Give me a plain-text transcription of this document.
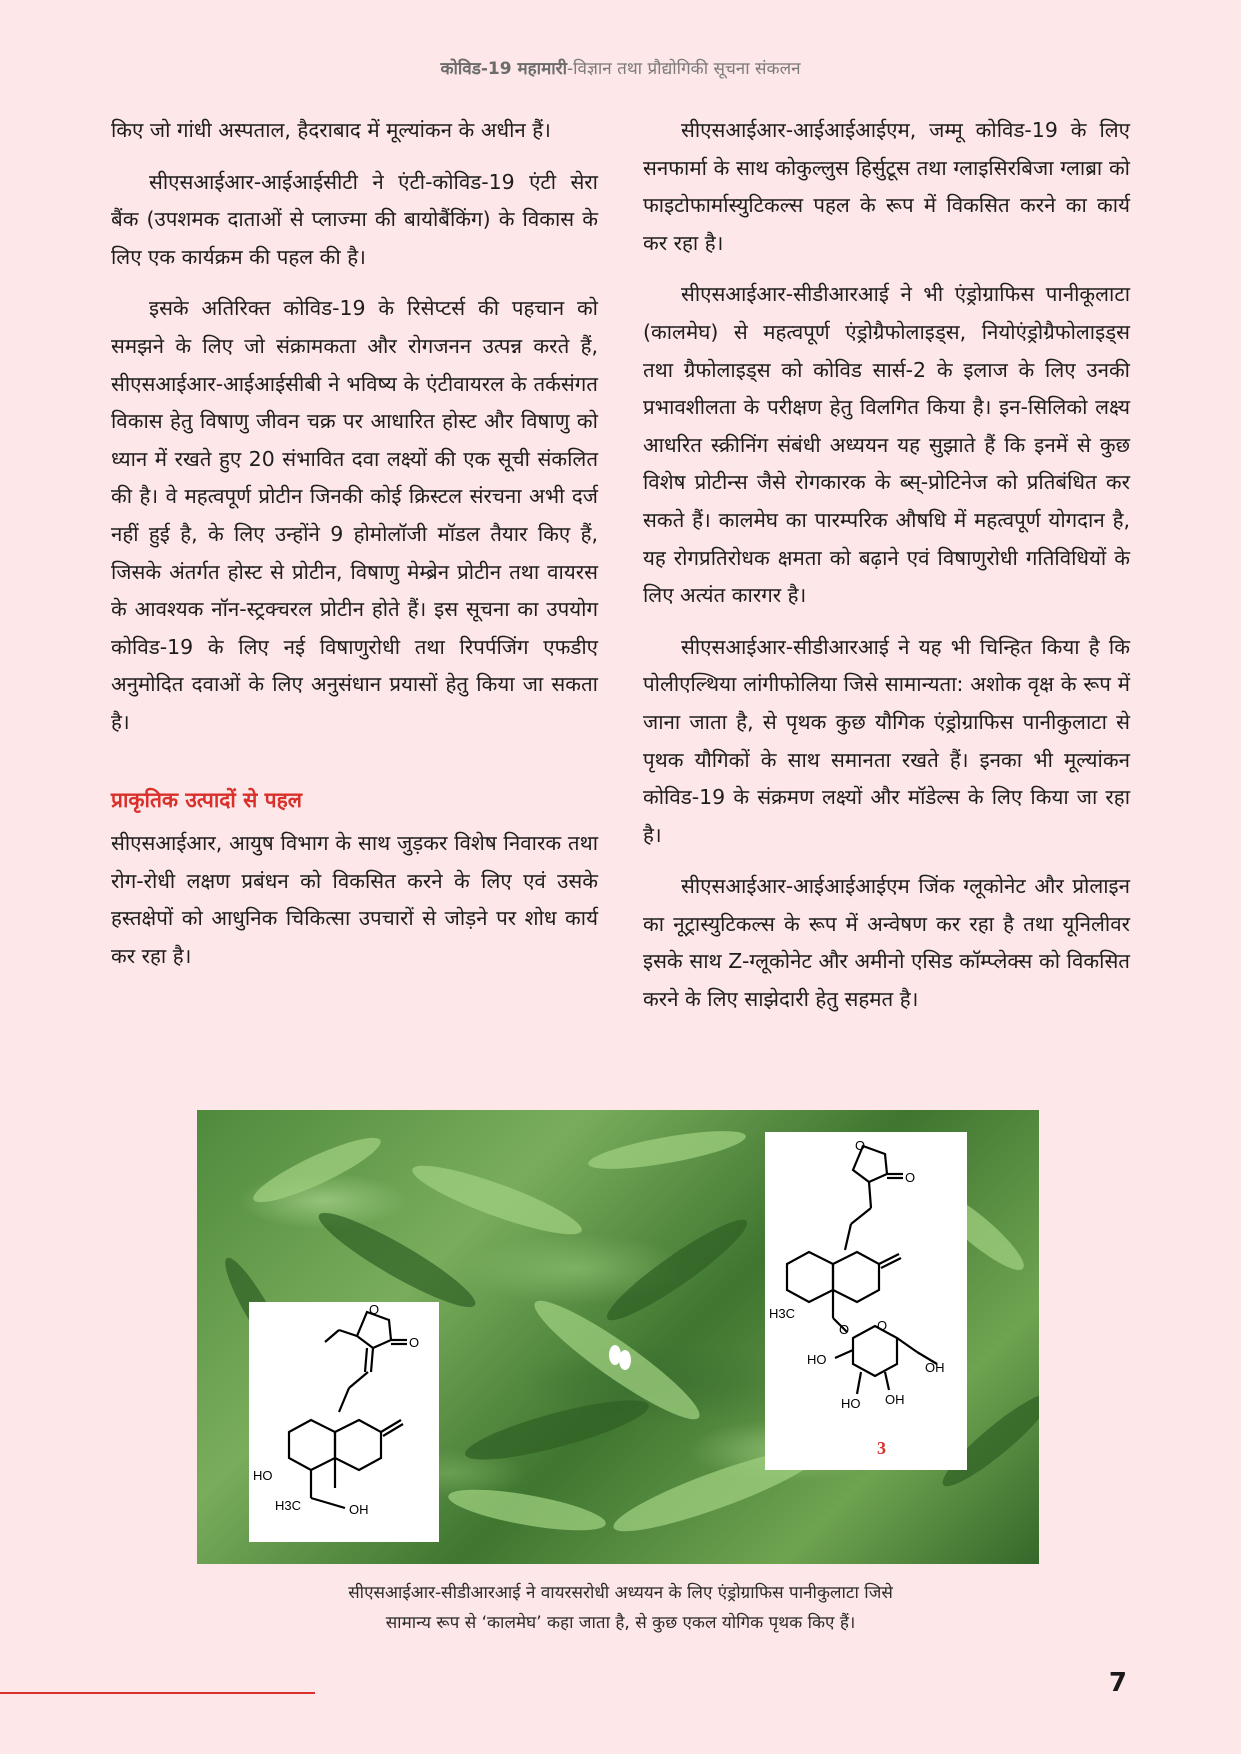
कोविड-19 महामारी-विज्ञान तथा प्रौद्योगिकी सूचना संकलन

किए जो गांधी अस्पताल, हैदराबाद में मूल्यांकन के अधीन हैं।

सीएसआईआर-आईआईसीटी ने एंटी-कोविड-19 एंटी सेरा बैंक (उपशमक दाताओं से प्लाज्मा की बायोबैंकिंग) के विकास के लिए एक कार्यक्रम की पहल की है।

इसके अतिरिक्त कोविड-19 के रिसेप्टर्स की पहचान को समझने के लिए जो संक्रामकता और रोगजनन उत्पन्न करते हैं, सीएसआईआर-आईआईसीबी ने भविष्य के एंटीवायरल के तर्कसंगत विकास हेतु विषाणु जीवन चक्र पर आधारित होस्ट और विषाणु को ध्यान में रखते हुए 20 संभावित दवा लक्ष्यों की एक सूची संकलित की है। वे महत्वपूर्ण प्रोटीन जिनकी कोई क्रिस्टल संरचना अभी दर्ज नहीं हुई है, के लिए उन्होंने 9 होमोलॉजी मॉडल तैयार किए हैं, जिसके अंतर्गत होस्ट से प्रोटीन, विषाणु मेम्ब्रेन प्रोटीन तथा वायरस के आवश्यक नॉन-स्ट्रक्चरल प्रोटीन होते हैं। इस सूचना का उपयोग कोविड-19 के लिए नई विषाणुरोधी तथा रिपर्पजिंग एफडीए अनुमोदित दवाओं के लिए अनुसंधान प्रयासों हेतु किया जा सकता है।

प्राकृतिक उत्पादों से पहल

सीएसआईआर, आयुष विभाग के साथ जुड़कर विशेष निवारक तथा रोग-रोधी लक्षण प्रबंधन को विकसित करने के लिए एवं उसके हस्तक्षेपों को आधुनिक चिकित्सा उपचारों से जोड़ने पर शोध कार्य कर रहा है।

सीएसआईआर-आईआईआईएम, जम्मू कोविड-19 के लिए सनफार्मा के साथ कोकुल्लुस हिर्सुटूस तथा ग्लाइसिरबिजा ग्लाब्रा को फाइटोफार्मास्युटिकल्स पहल के रूप में विकसित करने का कार्य कर रहा है।

सीएसआईआर-सीडीआरआई ने भी एंड्रोग्राफिस पानीकूलाटा (कालमेघ) से महत्वपूर्ण एंड्रोग्रैफोलाइड्स, नियोएंड्रोग्रैफोलाइड्स तथा ग्रैफोलाइड्स को कोविड सार्स-2 के इलाज के लिए उनकी प्रभावशीलता के परीक्षण हेतु विलगित किया है। इन-सिलिको लक्ष्य आधरित स्क्रीनिंग संबंधी अध्ययन यह सुझाते हैं कि इनमें से कुछ विशेष प्रोटीन्स जैसे रोगकारक के ब्स्-प्रोटिनेज को प्रतिबंधित कर सकते हैं। कालमेघ का पारम्परिक औषधि में महत्वपूर्ण योगदान है, यह रोगप्रतिरोधक क्षमता को बढ़ाने एवं विषाणुरोधी गतिविधियों के लिए अत्यंत कारगर है।

सीएसआईआर-सीडीआरआई ने यह भी चिन्हित किया है कि पोलीएल्थिया लांगीफोलिया जिसे सामान्यता: अशोक वृक्ष के रूप में जाना जाता है, से पृथक कुछ यौगिक एंड्रोग्राफिस पानीकुलाटा से पृथक यौगिकों के साथ समानता रखते हैं। इनका भी मूल्यांकन कोविड-19 के संक्रमण लक्ष्यों और मॉडेल्स के लिए किया जा रहा है।

सीएसआईआर-आईआईआईएम जिंक ग्लूकोनेट और प्रोलाइन का नूट्रास्युटिकल्स के रूप में अन्वेषण कर रहा है तथा यूनिलीवर इसके साथ Z-ग्लूकोनेट और अमीनो एसिड कॉम्प्लेक्स को विकसित करने के लिए साझेदारी हेतु सहमत है।

O
O
HO
H3C	OH
O
O
H3C
O O
HO
OH
HO OH
3
सीएसआईआर-सीडीआरआई ने वायरसरोधी अध्ययन के लिए एंड्रोग्राफिस पानीकुलाटा जिसे
सामान्य रूप से ‘कालमेघ’ कहा जाता है, से कुछ एकल योगिक पृथक किए हैं।
7
